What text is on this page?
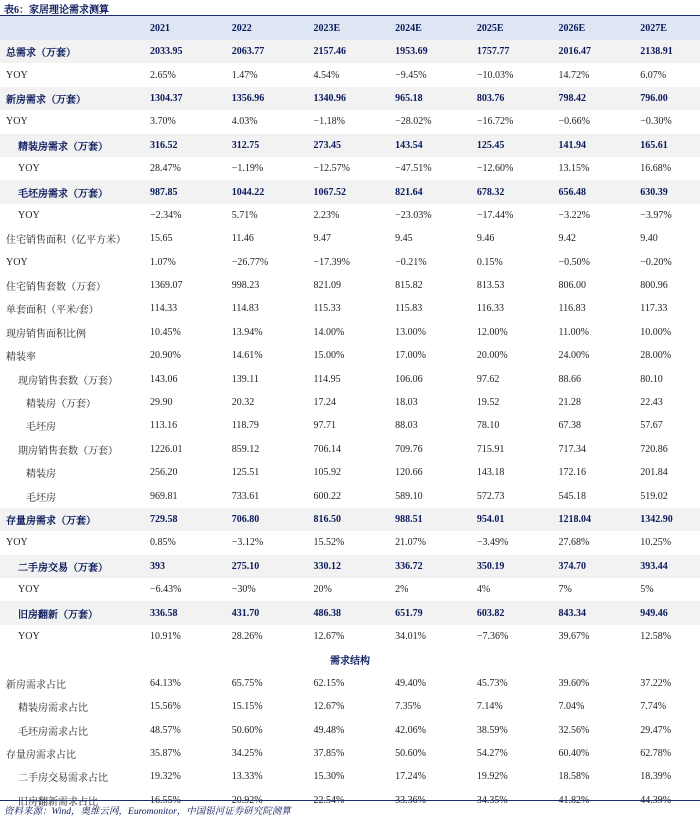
表6：家居理论需求测算
	2021	2022	2023E	2024E	2025E	2026E	2027E
总需求（万套）	2033.95	2063.77	2157.46	1953.69	1757.77	2016.47	2138.91
YOY	2.65%	1.47%	4.54%	−9.45%	−10.03%	14.72%	6.07%
新房需求（万套）	1304.37	1356.96	1340.96	965.18	803.76	798.42	796.00
YOY	3.70%	4.03%	−1.18%	−28.02%	−16.72%	−0.66%	−0.30%
精装房需求（万套）	316.52	312.75	273.45	143.54	125.45	141.94	165.61
YOY	28.47%	−1.19%	−12.57%	−47.51%	−12.60%	13.15%	16.68%
毛坯房需求（万套）	987.85	1044.22	1067.52	821.64	678.32	656.48	630.39
YOY	−2.34%	5.71%	2.23%	−23.03%	−17.44%	−3.22%	−3.97%
住宅销售面积（亿平方米）	15.65	11.46	9.47	9.45	9.46	9.42	9.40
YOY	1.07%	−26.77%	−17.39%	−0.21%	0.15%	−0.50%	−0.20%
住宅销售套数（万套）	1369.07	998.23	821.09	815.82	813.53	806.00	800.96
单套面积（平米/套）	114.33	114.83	115.33	115.83	116.33	116.83	117.33
现房销售面积比例	10.45%	13.94%	14.00%	13.00%	12.00%	11.00%	10.00%
精装率	20.90%	14.61%	15.00%	17.00%	20.00%	24.00%	28.00%
现房销售套数（万套）	143.06	139.11	114.95	106.06	97.62	88.66	80.10
精装房（万套）	29.90	20.32	17.24	18.03	19.52	21.28	22.43
毛坯房	113.16	118.79	97.71	88.03	78.10	67.38	57.67
期房销售套数（万套）	1226.01	859.12	706.14	709.76	715.91	717.34	720.86
精装房	256.20	125.51	105.92	120.66	143.18	172.16	201.84
毛坯房	969.81	733.61	600.22	589.10	572.73	545.18	519.02
存量房需求（万套）	729.58	706.80	816.50	988.51	954.01	1218.04	1342.90
YOY	0.85%	−3.12%	15.52%	21.07%	−3.49%	27.68%	10.25%
二手房交易（万套）	393	275.10	330.12	336.72	350.19	374.70	393.44
YOY	−6.43%	−30%	20%	2%	4%	7%	5%
旧房翻新（万套）	336.58	431.70	486.38	651.79	603.82	843.34	949.46
YOY	10.91%	28.26%	12.67%	34.01%	−7.36%	39.67%	12.58%
需求结构							
新房需求占比	64.13%	65.75%	62.15%	49.40%	45.73%	39.60%	37.22%
精装房需求占比	15.56%	15.15%	12.67%	7.35%	7.14%	7.04%	7.74%
毛坯房需求占比	48.57%	50.60%	49.48%	42.06%	38.59%	32.56%	29.47%
存量房需求占比	35.87%	34.25%	37.85%	50.60%	54.27%	60.40%	62.78%
二手房交易需求占比	19.32%	13.33%	15.30%	17.24%	19.92%	18.58%	18.39%
旧房翻新需求占比	16.55%	20.92%	22.54%	33.36%	34.35%	41.82%	44.39%
资料来源：Wind，奥维云网，Euromonitor，中国银河证券研究院测算
